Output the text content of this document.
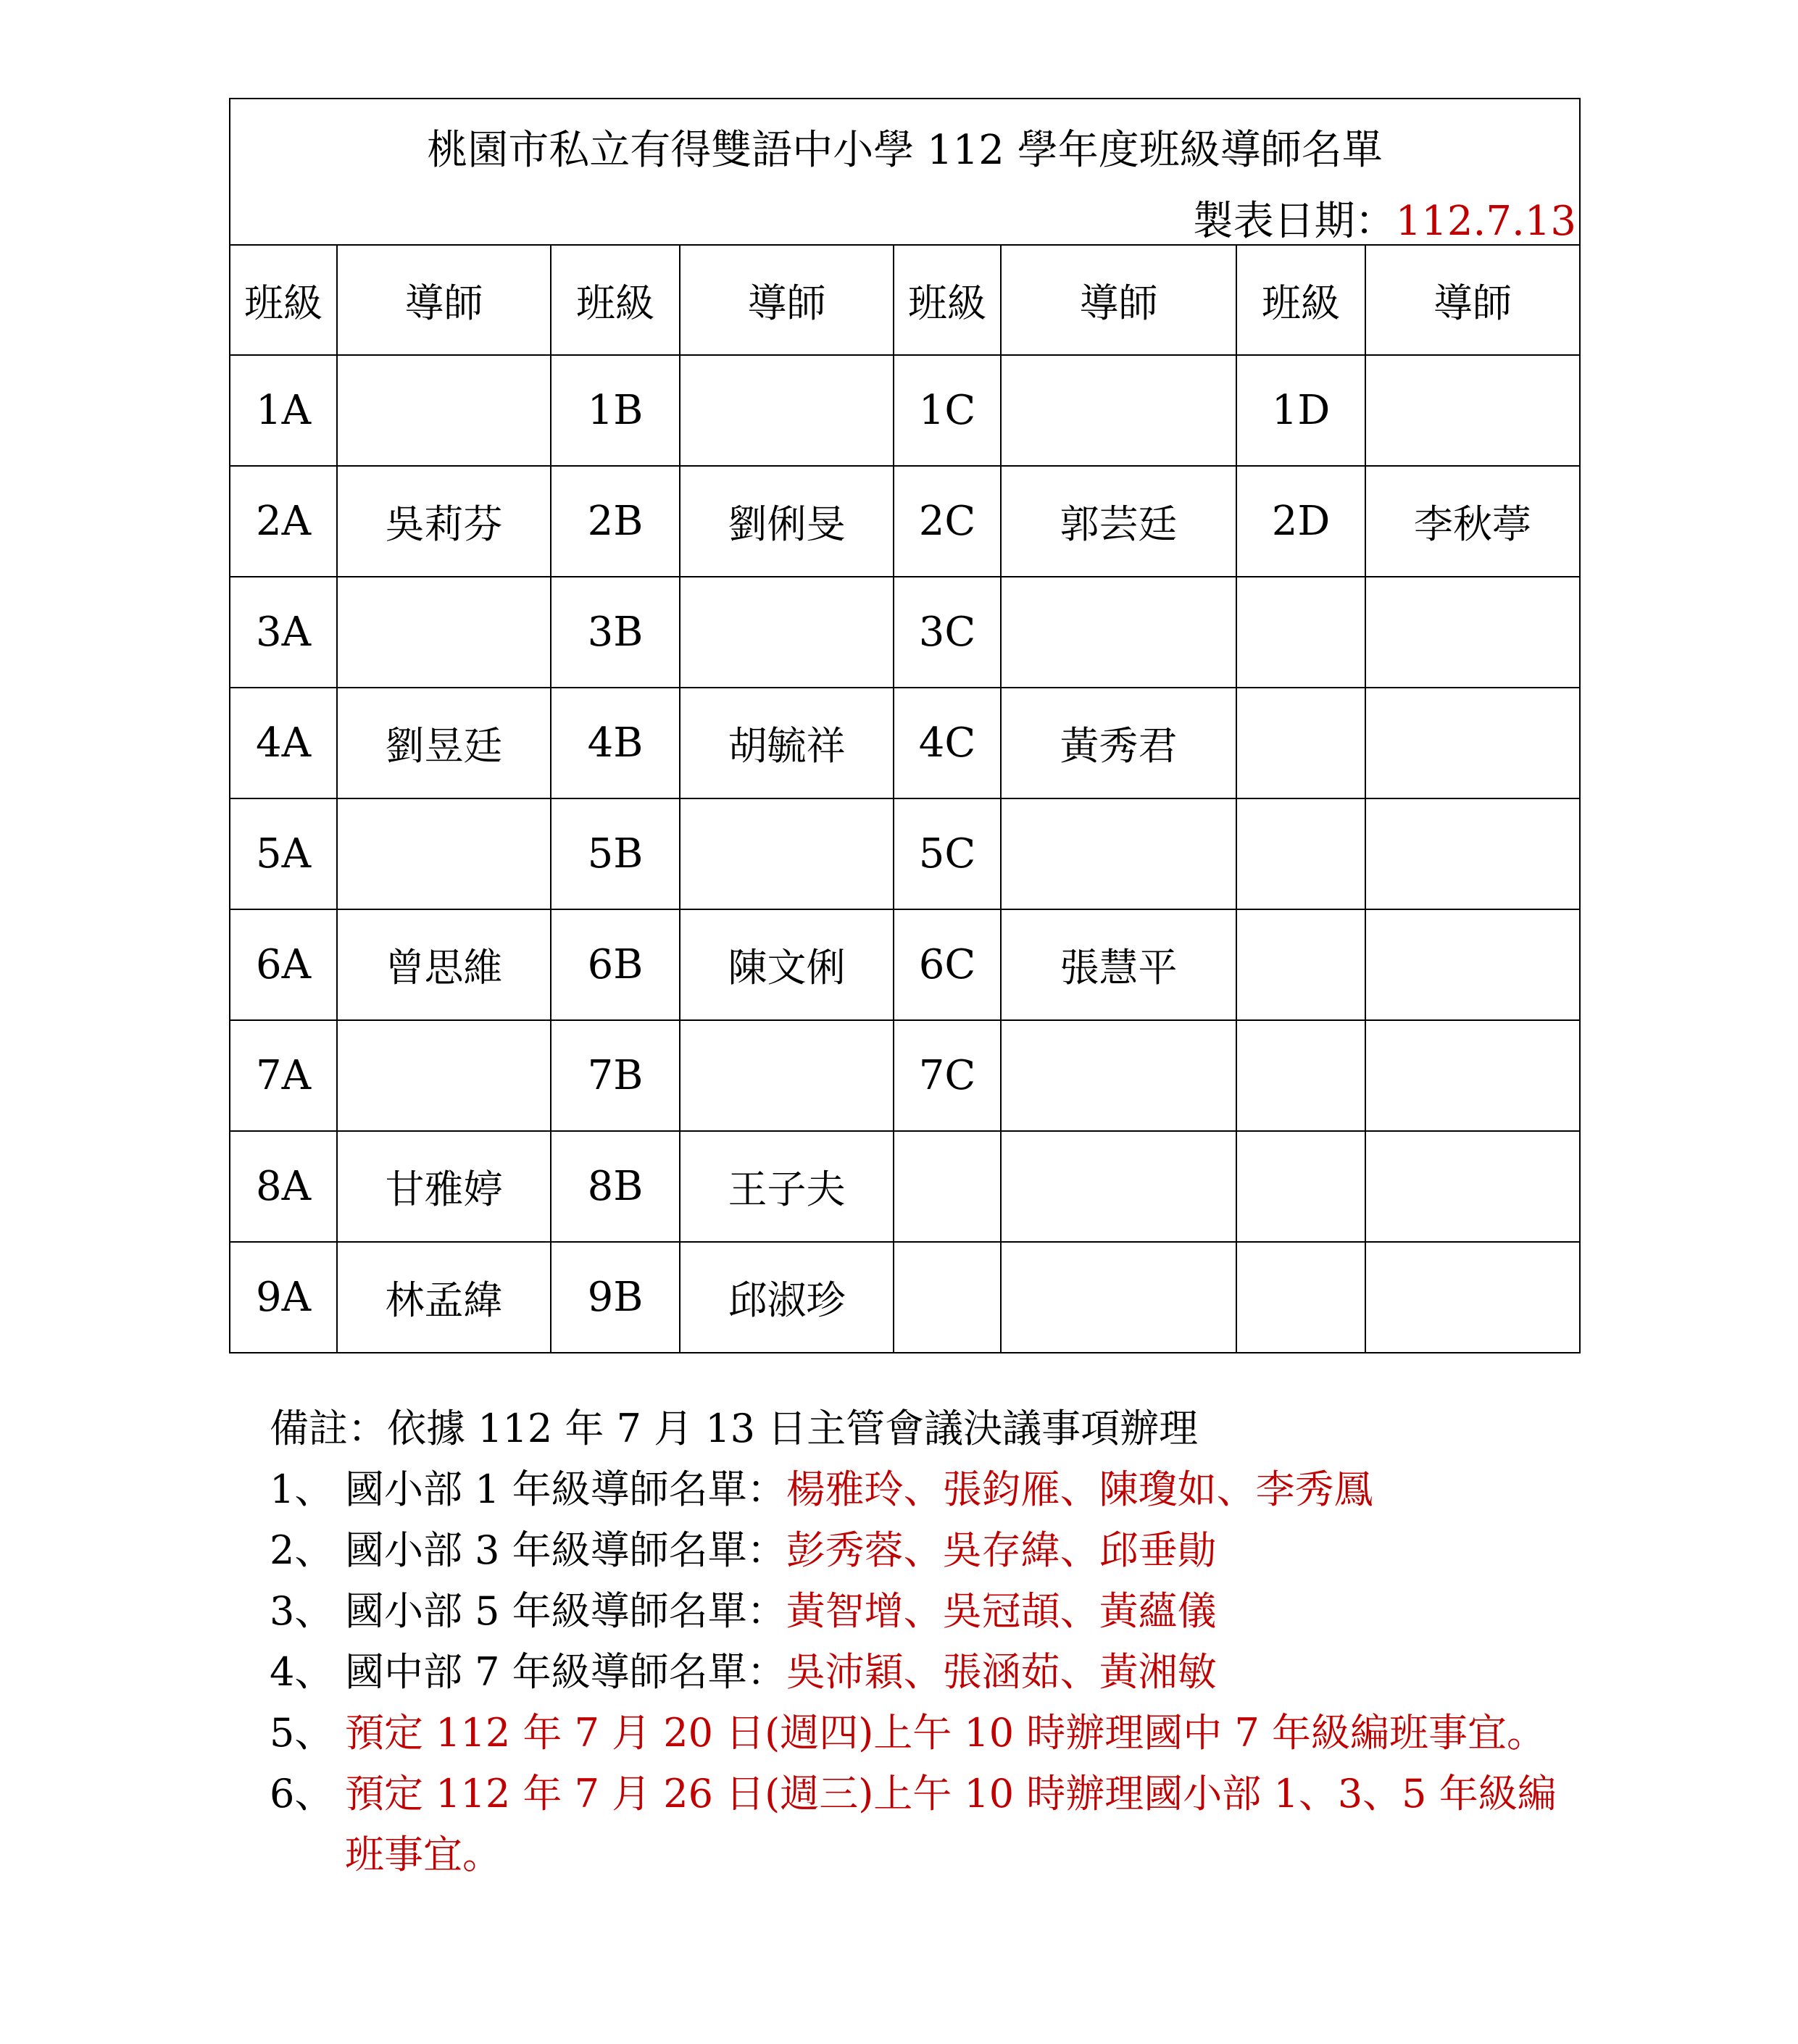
桃園市私立有得雙語中小學 112 學年度班級導師名單
製表日期：112.7.13							

班級	導師	班級	導師	班級	導師	班級	導師
1A		1B		1C		1D	
2A	吳莉芬	2B	劉俐旻	2C	郭芸廷	2D	李秋葶
3A		3B		3C			
4A	劉昱廷	4B	胡毓祥	4C	黃秀君		
5A		5B		5C			
6A	曾思維	6B	陳文俐	6C	張慧平		
7A		7B		7C			
8A	甘雅婷	8B	王子夫				
9A	林孟緯	9B	邱淑珍				
備註：依據 112 年 7 月 13 日主管會議決議事項辦理
1、 國小部 1 年級導師名單：楊雅玲、張鈞雁、陳瓊如、李秀鳳
2、 國小部 3 年級導師名單：彭秀蓉、吳存緯、邱垂勛
3、 國小部 5 年級導師名單：黃智增、吳冠頡、黃蘊儀
4、 國中部 7 年級導師名單：吳沛穎、張涵茹、黃湘敏
5、 預定 112 年 7 月 20 日(週四)上午 10 時辦理國中 7 年級編班事宜。
6、 預定 112 年 7 月 26 日(週三)上午 10 時辦理國小部 1、3、5 年級編班事宜。
